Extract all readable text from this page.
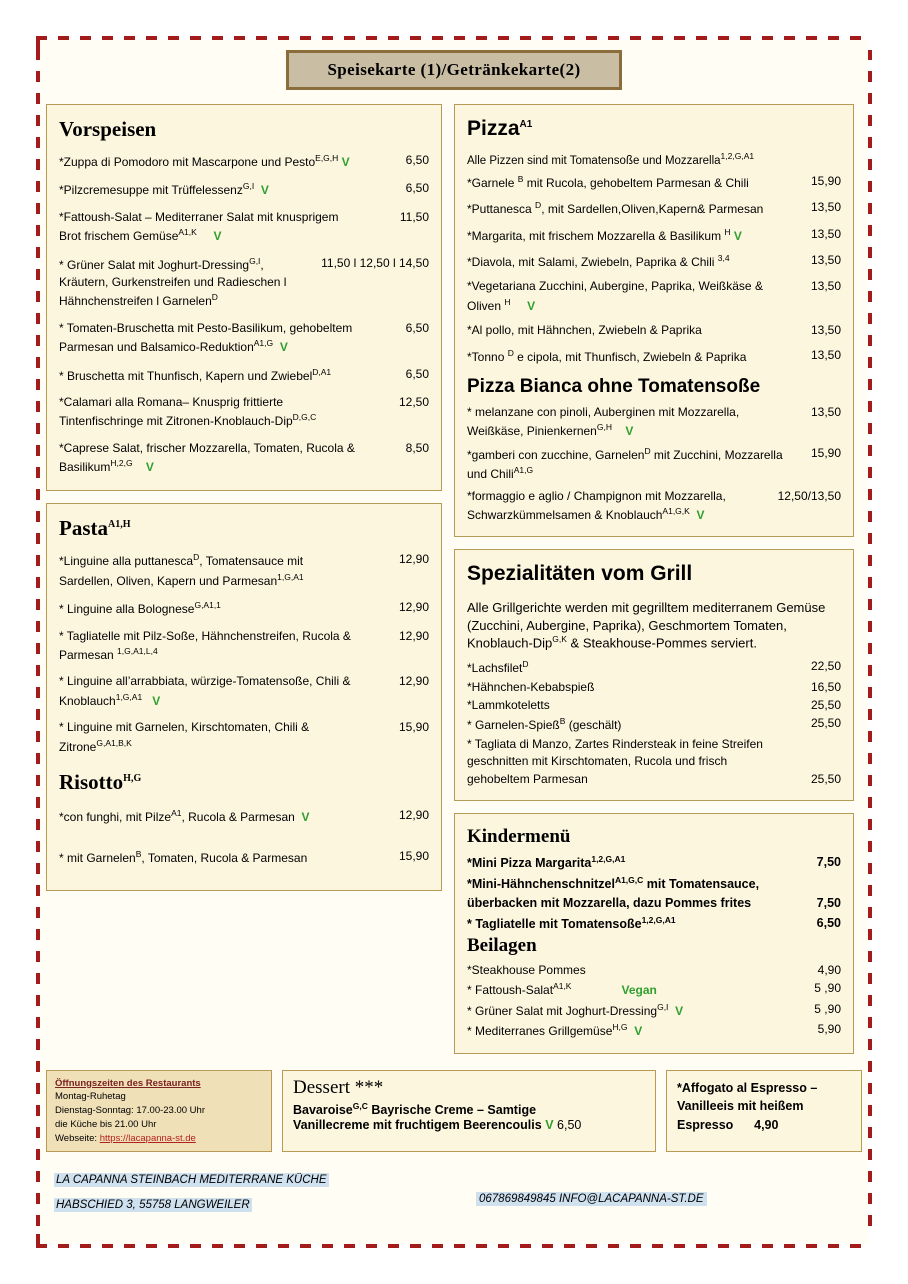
Speisekarte (1)/Getränkekarte(2)
Vorspeisen
*Zuppa di Pomodoro mit Mascarpone und Pesto$^{E,G,H}$ V	6,50
*Pilzcremesuppe mit Trüffelessenz$^{G,I}$ V	6,50
*Fattoush-Salat – Mediterraner Salat mit knusprigem Brot frischem Gemüse$^{A1,K}$ V
11,50
* Grüner Salat mit Joghurt-Dressing$^{G,I}$, Kräutern, Gurkenstreifen und Radieschen l Hähnchenstreifen l Garnelen$^D$
11,50 l 12,50 l 14,50
* Tomaten-Bruschetta mit Pesto-Basilikum, gehobeltem Parmesan und Balsamico-Reduktion$^{A1,G}$ V
6,50
* Bruschetta mit Thunfisch, Kapern und Zwiebel$^{D,A1}$	6,50
*Calamari alla Romana– Knusprig frittierte Tintenfischringe mit Zitronen-Knoblauch-Dip$^{D,G,C}$
12,50
*Caprese Salat, frischer Mozzarella, Tomaten, Rucola & Basilikum$^{H,2,G}$ V
8,50
Pasta$^{A1,H}$
*Linguine alla puttanesca$^D$, Tomatensauce mit Sardellen, Oliven, Kapern und Parmesan$^{1,G,A1}$
12,90
* Linguine alla Bolognese$^{G,A1,1}$	12,90
* Tagliatelle mit Pilz-Soße, Hähnchenstreifen, Rucola & Parmesan $^{1,G,A1,L,4}$
12,90
* Linguine all’arrabbiata, würzige-Tomatensoße, Chili & Knoblauch$^{1,G,A1}$ V
12,90
* Linguine mit Garnelen, Kirschtomaten, Chili & Zitrone$^{G,A1,B,K}$
15,90
Risotto$^{H,G}$
*con funghi, mit Pilze$^{A1}$, Rucola & Parmesan V	12,90
* mit Garnelen$^B$, Tomaten, Rucola & Parmesan	15,90
Pizza$^{A1}$

Alle Pizzen sind mit Tomatensoße und Mozzarella$^{1,2,G,A1}$

*Garnele $^B$ mit Rucola, gehobeltem Parmesan & Chili	15,90
*Puttanesca $^D$, mit Sardellen,Oliven,Kapern& Parmesan	13,50
*Margarita, mit frischem Mozzarella & Basilikum $^H$ V	13,50
*Diavola, mit Salami, Zwiebeln, Paprika & Chili $^{3,4}$	13,50
*Vegetariana Zucchini, Aubergine, Paprika, Weißkäse & Oliven $^H$ V
13,50
*Al pollo, mit Hähnchen, Zwiebeln & Paprika	13,50
*Tonno $^D$ e cipola, mit Thunfisch, Zwiebeln & Paprika	13,50
Pizza Bianca ohne Tomatensoße
* melanzane con pinoli, Auberginen mit Mozzarella, Weißkäse, Pinienkernen$^{G,H}$ V
13,50
*gamberi con zucchine, Garnelen$^D$ mit Zucchini, Mozzarella und Chili$^{A1,G}$
15,90
*formaggio e aglio / Champignon mit Mozzarella, Schwarzkümmelsamen & Knoblauch$^{A1,G,K}$ V
12,50/13,50
Spezialitäten vom Grill

Alle Grillgerichte werden mit gegrilltem mediterranem Gemüse (Zucchini, Aubergine, Paprika), Geschmortem Tomaten, Knoblauch-Dip$^{G,K}$ & Steakhouse-Pommes serviert.

*Lachsfilet$^D$	22,50
*Hähnchen-Kebabspieß	16,50
*Lammkoteletts	25,50
* Garnelen-Spieß$^B$ (geschält)	25,50
* Tagliata di Manzo, Zartes Rindersteak in feine Streifen geschnitten mit Kirschtomaten, Rucola und frisch gehobeltem Parmesan	25,50
Kindermenü
*Mini Pizza Margarita$^{1,2,G,A1}$	7,50
*Mini-Hähnchenschnitzel$^{A1,G,C}$ mit Tomatensauce, überbacken mit Mozzarella, dazu Pommes frites	7,50
* Tagliatelle mit Tomatensoße$^{1,2,G,A1}$	6,50
Beilagen
*Steakhouse Pommes	4,90
* Fattoush-Salat$^{A1,K}$	Vegan	5 ,90
* Grüner Salat mit Joghurt-Dressing$^{G,I}$ V	5 ,90
* Mediterranes Grillgemüse$^{H,G}$ V	5,90
Öffnungszeiten des Restaurants
Montag-Ruhetag
Dienstag-Sonntag: 17.00-23.00 Uhr
die Küche bis 21.00 Uhr
Webseite: https://lacapanna-st.de
Dessert ***

Bavaroise$^{G,C}$ Bayrische Creme – Samtige

Vanillecreme mit fruchtigem Beerencoulis V 6,50

*Affogato al Espresso –
Vanilleeis mit heißem
Espresso 4,90
LA CAPANNA STEINBACH MEDITERRANE KÜCHE
HABSCHIED 3, 55758 LANGWEILER	067869849845 INFO@LACAPANNA-ST.DE
